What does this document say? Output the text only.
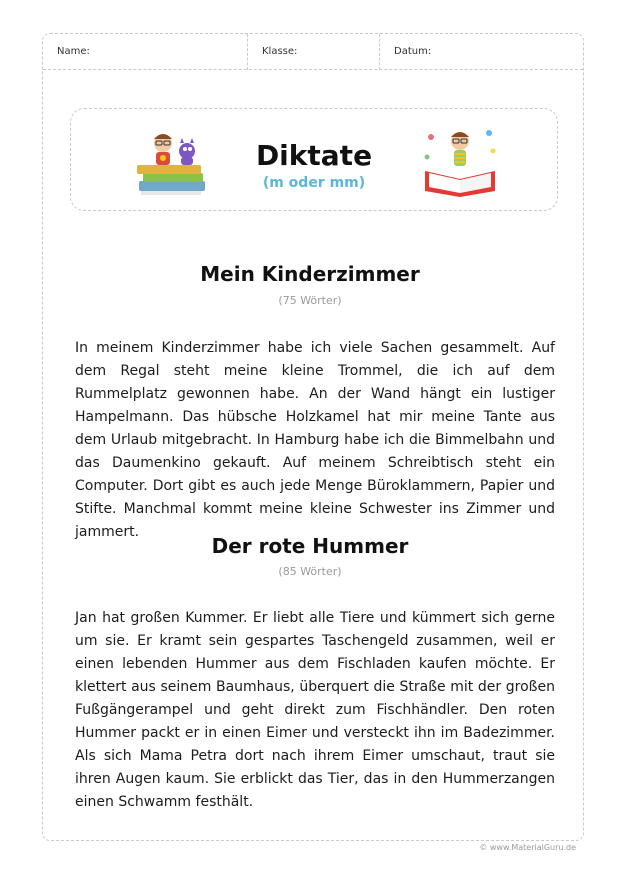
Name:	Klasse:	Datum:
Diktate
(m oder mm)
Mein Kinderzimmer
(75 Wörter)
In meinem Kinderzimmer habe ich viele Sachen gesammelt. Auf dem Regal steht meine kleine Trommel, die ich auf dem Rummelplatz gewonnen habe. An der Wand hängt ein lustiger Hampelmann. Das hübsche Holzkamel hat mir meine Tante aus dem Urlaub mitgebracht. In Hamburg habe ich die Bimmelbahn und das Daumenkino gekauft. Auf meinem Schreibtisch steht ein Computer. Dort gibt es auch jede Menge Büroklammern, Papier und Stifte. Manchmal kommt meine kleine Schwester ins Zimmer und jammert.
Der rote Hummer
(85 Wörter)
Jan hat großen Kummer. Er liebt alle Tiere und kümmert sich gerne um sie. Er kramt sein gespartes Taschengeld zusammen, weil er einen lebenden Hummer aus dem Fischladen kaufen möchte. Er klettert aus seinem Baumhaus, überquert die Straße mit der großen Fußgängerampel und geht direkt zum Fischhändler. Den roten Hummer packt er in einen Eimer und versteckt ihn im Badezimmer. Als sich Mama Petra dort nach ihrem Eimer umschaut, traut sie ihren Augen kaum. Sie erblickt das Tier, das in den Hummerzangen einen Schwamm festhält.
© www.MaterialGuru.de
